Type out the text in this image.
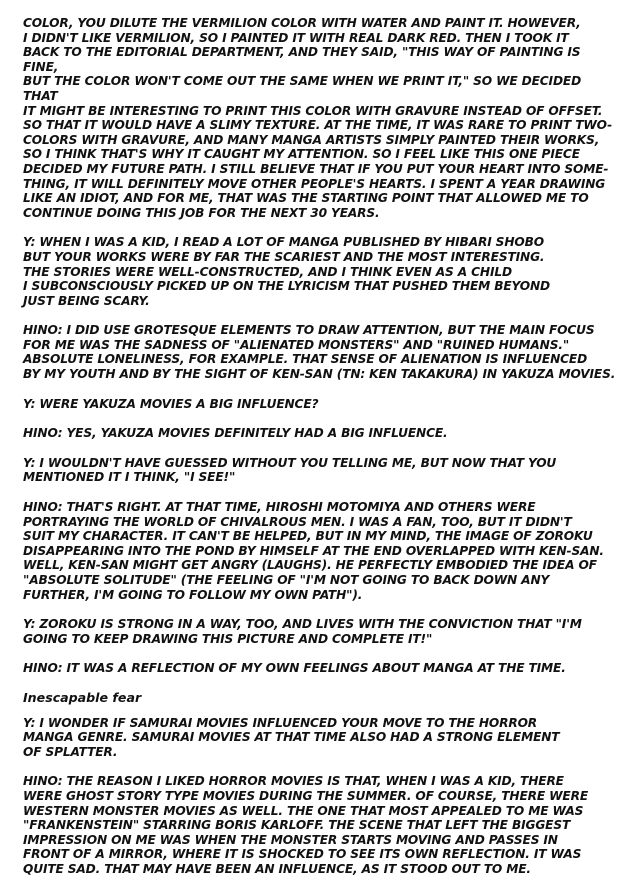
COLOR, YOU DILUTE THE VERMILION COLOR WITH WATER AND PAINT IT. HOWEVER,
I DIDN'T LIKE VERMILION, SO I PAINTED IT WITH REAL DARK RED. THEN I TOOK IT
BACK TO THE EDITORIAL DEPARTMENT, AND THEY SAID, "THIS WAY OF PAINTING IS FINE,
BUT THE COLOR WON'T COME OUT THE SAME WHEN WE PRINT IT," SO WE DECIDED THAT
IT MIGHT BE INTERESTING TO PRINT THIS COLOR WITH GRAVURE INSTEAD OF OFFSET.
SO THAT IT WOULD HAVE A SLIMY TEXTURE. AT THE TIME, IT WAS RARE TO PRINT TWO-
COLORS WITH GRAVURE, AND MANY MANGA ARTISTS SIMPLY PAINTED THEIR WORKS,
SO I THINK THAT'S WHY IT CAUGHT MY ATTENTION. SO I FEEL LIKE THIS ONE PIECE
DECIDED MY FUTURE PATH. I STILL BELIEVE THAT IF YOU PUT YOUR HEART INTO SOME-
THING, IT WILL DEFINITELY MOVE OTHER PEOPLE'S HEARTS. I SPENT A YEAR DRAWING
LIKE AN IDIOT, AND FOR ME, THAT WAS THE STARTING POINT THAT ALLOWED ME TO
CONTINUE DOING THIS JOB FOR THE NEXT 30 YEARS.

Y: WHEN I WAS A KID, I READ A LOT OF MANGA PUBLISHED BY HIBARI SHOBO
BUT YOUR WORKS WERE BY FAR THE SCARIEST AND THE MOST INTERESTING.
THE STORIES WERE WELL-CONSTRUCTED, AND I THINK EVEN AS A CHILD
I SUBCONSCIOUSLY PICKED UP ON THE LYRICISM THAT PUSHED THEM BEYOND
JUST BEING SCARY.

HINO: I DID USE GROTESQUE ELEMENTS TO DRAW ATTENTION, BUT THE MAIN FOCUS
FOR ME WAS THE SADNESS OF "ALIENATED MONSTERS" AND "RUINED HUMANS."
ABSOLUTE LONELINESS, FOR EXAMPLE. THAT SENSE OF ALIENATION IS INFLUENCED
BY MY YOUTH AND BY THE SIGHT OF KEN-SAN (TN: KEN TAKAKURA) IN YAKUZA MOVIES.

Y: WERE YAKUZA MOVIES A BIG INFLUENCE?

HINO: YES, YAKUZA MOVIES DEFINITELY HAD A BIG INFLUENCE.

Y: I WOULDN'T HAVE GUESSED WITHOUT YOU TELLING ME, BUT NOW THAT YOU
MENTIONED IT I THINK, "I SEE!"

HINO: THAT'S RIGHT. AT THAT TIME, HIROSHI MOTOMIYA AND OTHERS WERE
PORTRAYING THE WORLD OF CHIVALROUS MEN. I WAS A FAN, TOO, BUT IT DIDN'T
SUIT MY CHARACTER. IT CAN'T BE HELPED, BUT IN MY MIND, THE IMAGE OF ZOROKU
DISAPPEARING INTO THE POND BY HIMSELF AT THE END OVERLAPPED WITH KEN-SAN.
WELL, KEN-SAN MIGHT GET ANGRY (LAUGHS). HE PERFECTLY EMBODIED THE IDEA OF
"ABSOLUTE SOLITUDE" (THE FEELING OF "I'M NOT GOING TO BACK DOWN ANY
FURTHER, I'M GOING TO FOLLOW MY OWN PATH").

Y: ZOROKU IS STRONG IN A WAY, TOO, AND LIVES WITH THE CONVICTION THAT "I'M
GOING TO KEEP DRAWING THIS PICTURE AND COMPLETE IT!"

HINO: IT WAS A REFLECTION OF MY OWN FEELINGS ABOUT MANGA AT THE TIME.

Inescapable fear

Y: I WONDER IF SAMURAI MOVIES INFLUENCED YOUR MOVE TO THE HORROR
MANGA GENRE. SAMURAI MOVIES AT THAT TIME ALSO HAD A STRONG ELEMENT
OF SPLATTER.

HINO: THE REASON I LIKED HORROR MOVIES IS THAT, WHEN I WAS A KID, THERE
WERE GHOST STORY TYPE MOVIES DURING THE SUMMER. OF COURSE, THERE WERE
WESTERN MONSTER MOVIES AS WELL. THE ONE THAT MOST APPEALED TO ME WAS
"FRANKENSTEIN" STARRING BORIS KARLOFF. THE SCENE THAT LEFT THE BIGGEST
IMPRESSION ON ME WAS WHEN THE MONSTER STARTS MOVING AND PASSES IN
FRONT OF A MIRROR, WHERE IT IS SHOCKED TO SEE ITS OWN REFLECTION. IT WAS
QUITE SAD. THAT MAY HAVE BEEN AN INFLUENCE, AS IT STOOD OUT TO ME.
